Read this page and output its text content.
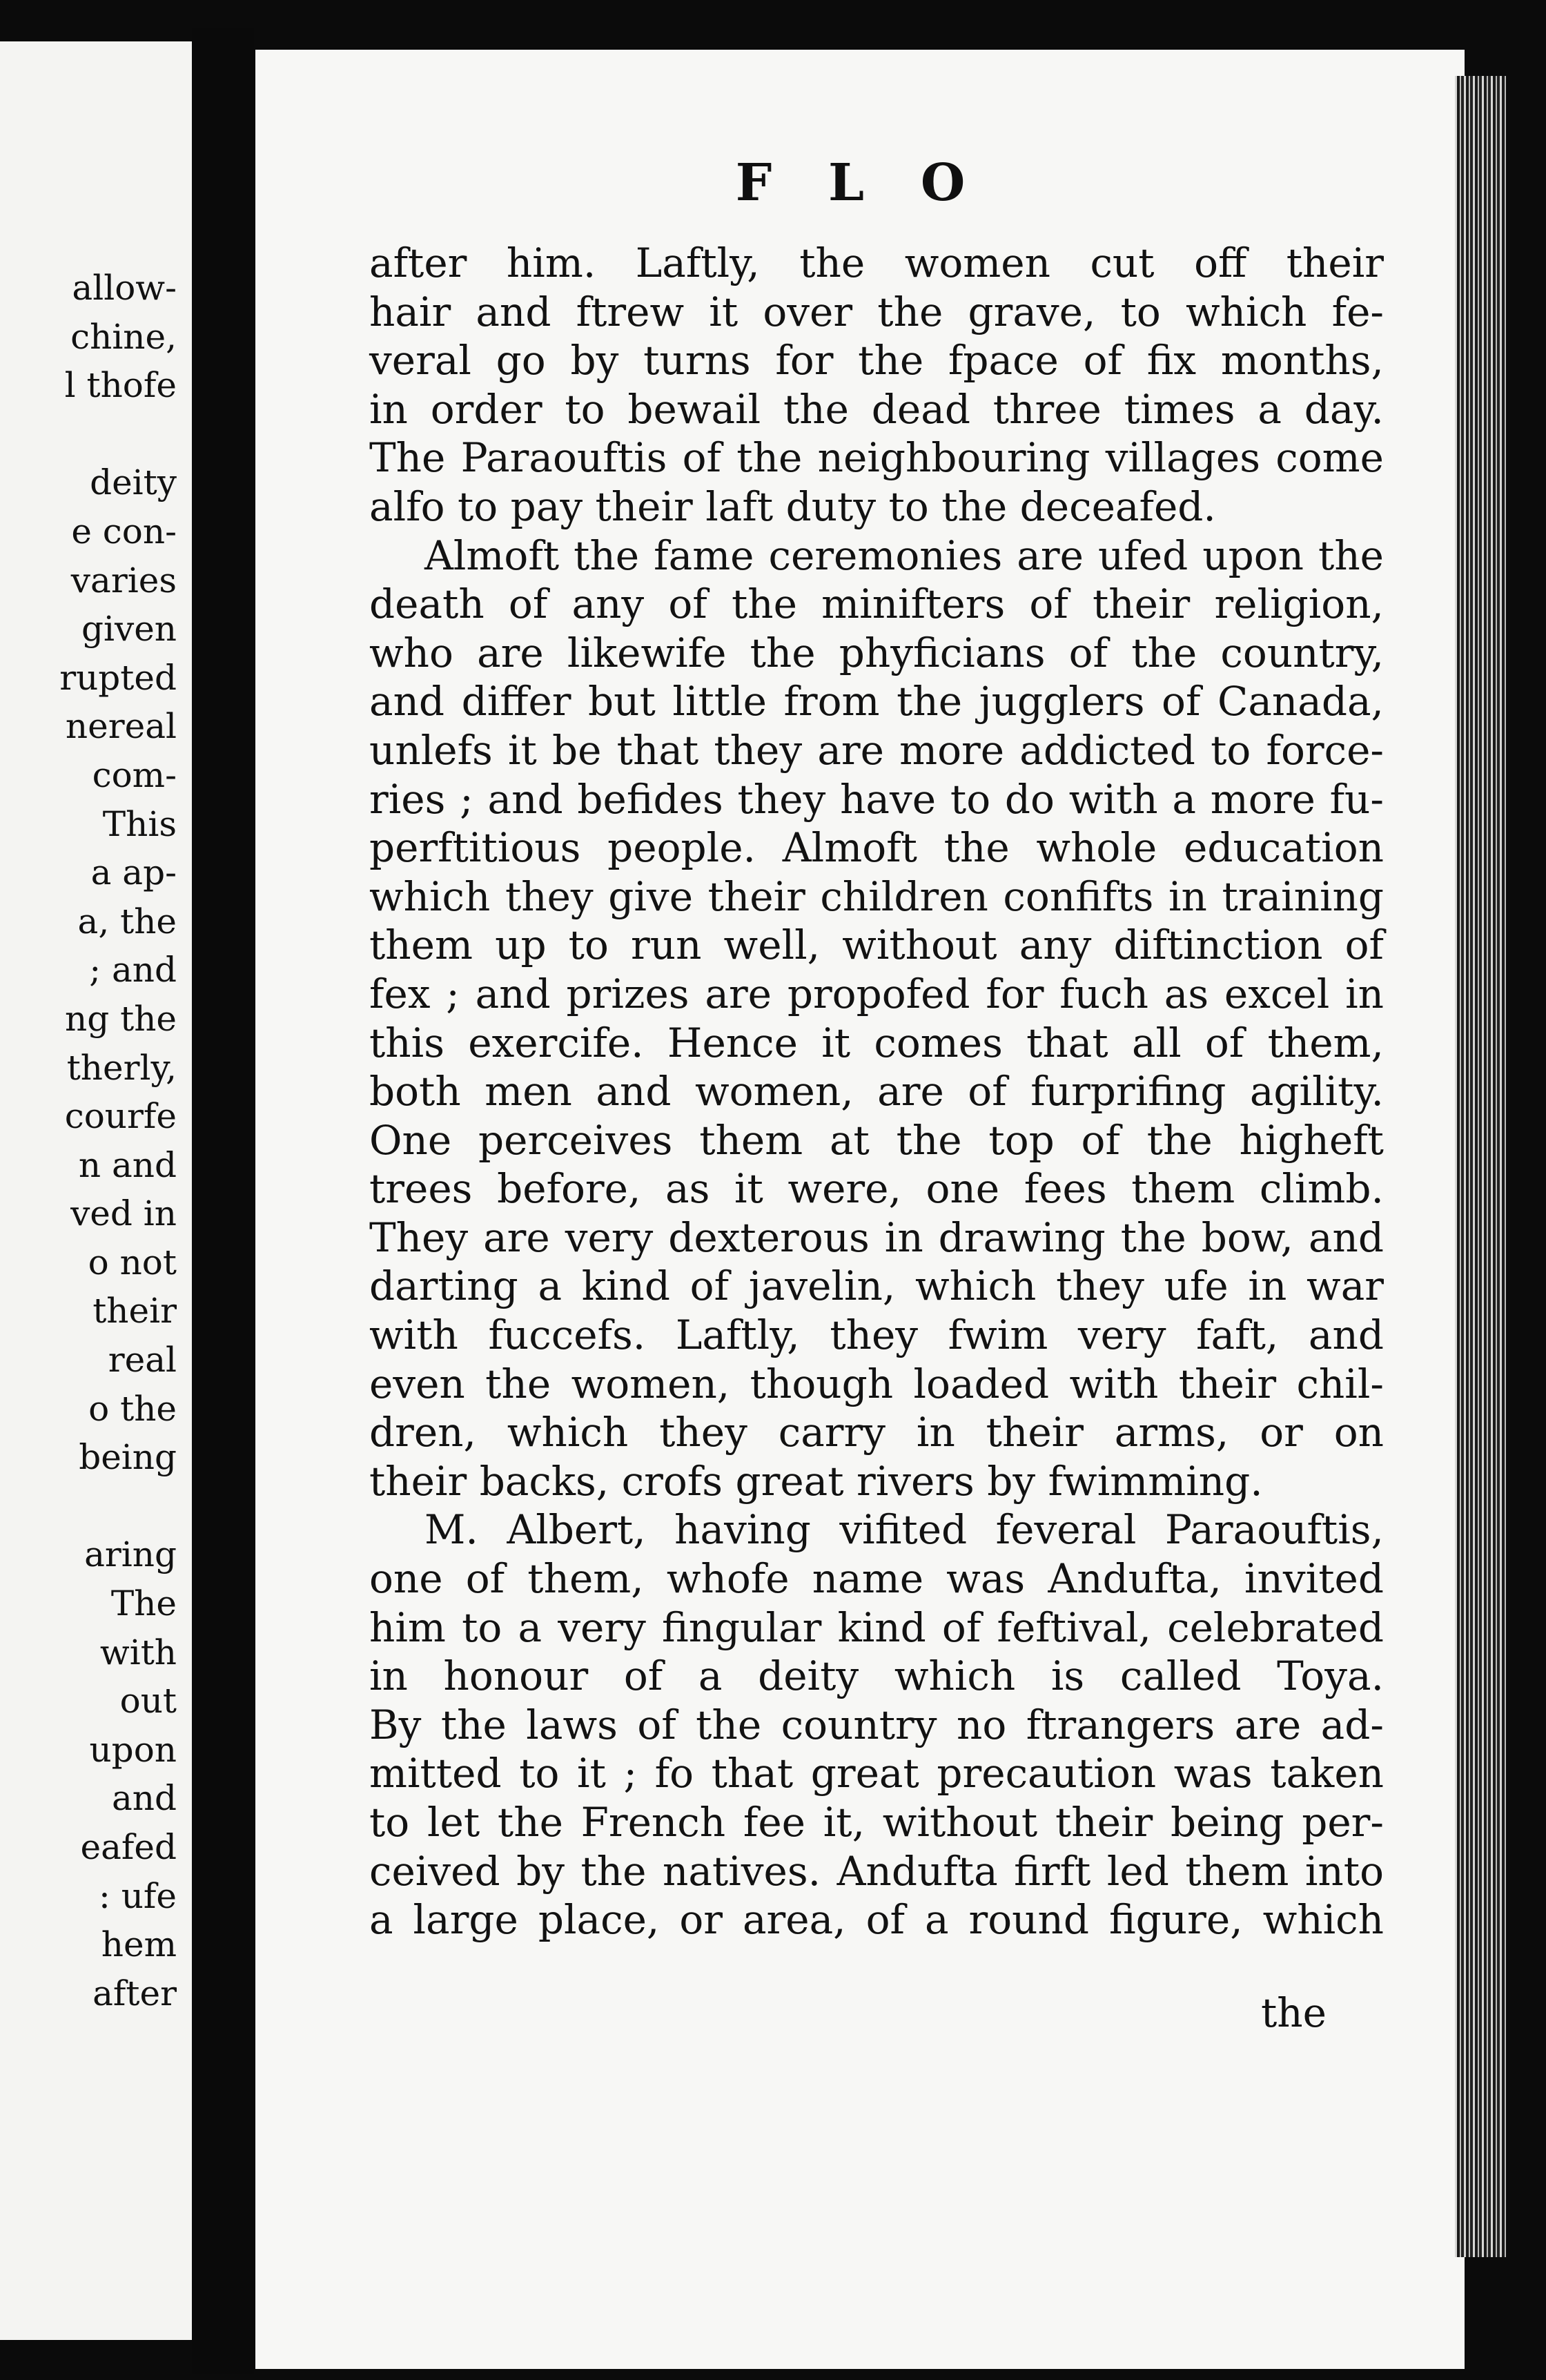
allow-
chine,
l thofe
deity
e con-
varies
given
rupted
nereal
com-
This
a ap-
a, the
; and
ng the
therly,
courfe
n and
ved in
o not
their
real
o the
being
aring
The
with
out
upon
and
eafed
: ufe
hem
after
F L O
after him. Laftly, the women cut off their
hair and ftrew it over the grave, to which fe-
veral go by turns for the fpace of fix months,
in order to bewail the dead three times a day.
The Paraouftis of the neighbouring villages come
alfo to pay their laft duty to the deceafed.
Almoft the fame ceremonies are ufed upon the
death of any of the minifters of their religion,
who are likewife the phyficians of the country,
and differ but little from the jugglers of Canada,
unlefs it be that they are more addicted to force-
ries ; and befides they have to do with a more fu-
perftitious people. Almoft the whole education
which they give their children confifts in training
them up to run well, without any diftinction of
fex ; and prizes are propofed for fuch as excel in
this exercife. Hence it comes that all of them,
both men and women, are of furprifing agility.
One perceives them at the top of the higheft
trees before, as it were, one fees them climb.
They are very dexterous in drawing the bow, and
darting a kind of javelin, which they ufe in war
with fuccefs. Laftly, they fwim very faft, and
even the women, though loaded with their chil-
dren, which they carry in their arms, or on
their backs, crofs great rivers by fwimming.
M. Albert, having vifited feveral Paraouftis,
one of them, whofe name was Andufta, invited
him to a very fingular kind of feftival, celebrated
in honour of a deity which is called Toya.
By the laws of the country no ftrangers are ad-
mitted to it ; fo that great precaution was taken
to let the French fee it, without their being per-
ceived by the natives. Andufta firft led them into
a large place, or area, of a round figure, which
the
